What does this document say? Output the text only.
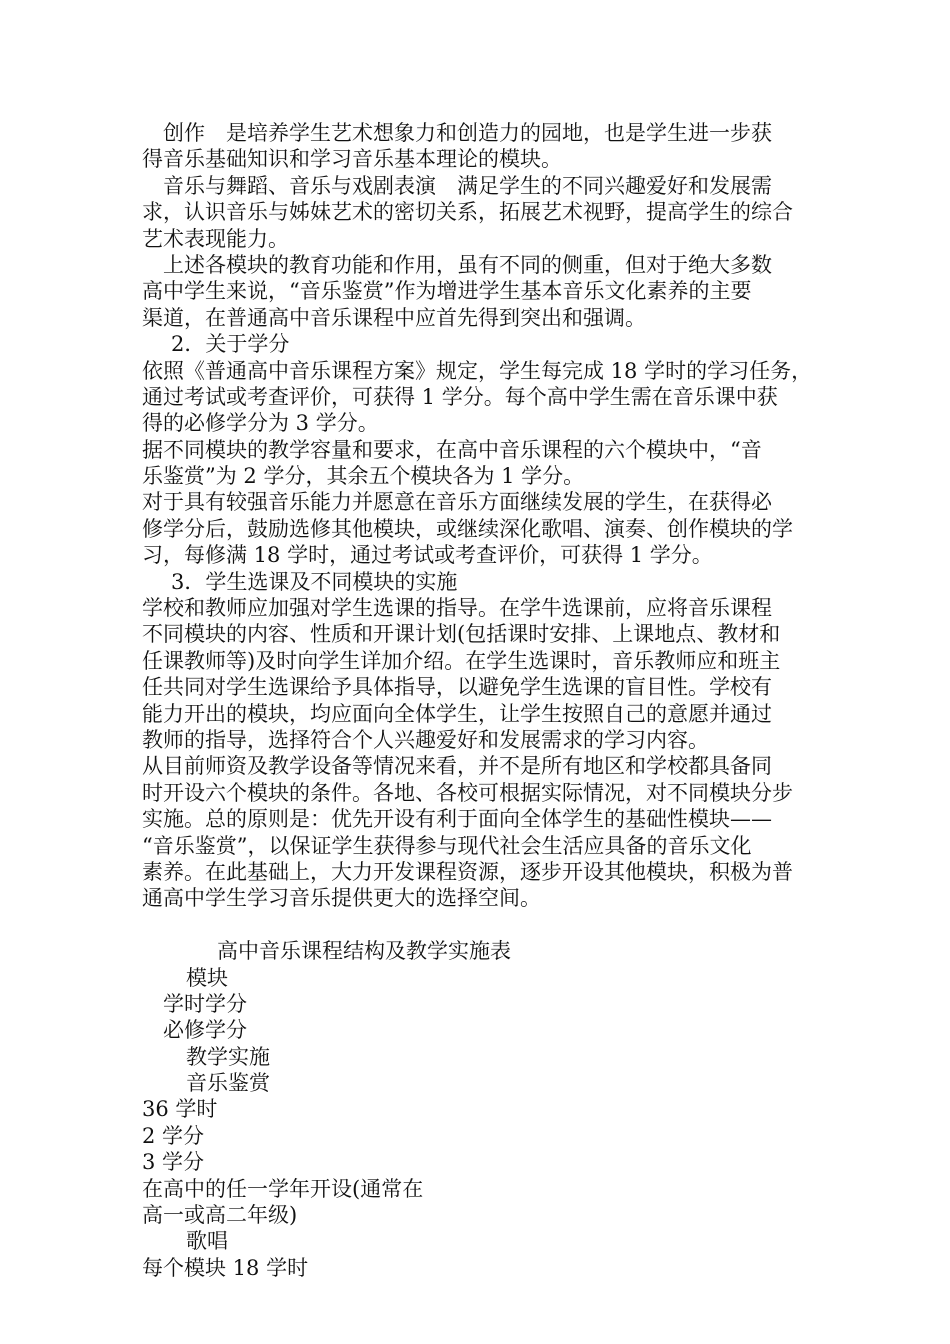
创作　是培养学生艺术想象力和创造力的园地，也是学生进一步获
得音乐基础知识和学习音乐基本理论的模块。
音乐与舞蹈、音乐与戏剧表演　满足学生的不同兴趣爱好和发展需
求，认识音乐与姊妹艺术的密切关系，拓展艺术视野，提高学生的综合
艺术表现能力。
上述各模块的教育功能和作用，虽有不同的侧重，但对于绝大多数
高中学生来说，“音乐鉴赏”作为增进学生基本音乐文化素养的主要
渠道，在普通高中音乐课程中应首先得到突出和强调。
2．关于学分
依照《普通高中音乐课程方案》规定，学生每完成 18 学时的学习任务，
通过考试或考查评价，可获得 1 学分。每个高中学生需在音乐课中获
得的必修学分为 3 学分。
据不同模块的教学容量和要求，在高中音乐课程的六个模块中，“音
乐鉴赏”为 2 学分，其余五个模块各为 1 学分。
对于具有较强音乐能力并愿意在音乐方面继续发展的学生，在获得必
修学分后，鼓励选修其他模块，或继续深化歌唱、演奏、创作模块的学
习，每修满 18 学时，通过考试或考查评价，可获得 1 学分。
3．学生选课及不同模块的实施
学校和教师应加强对学生选课的指导。在学牛选课前，应将音乐课程
不同模块的内容、性质和开课计划(包括课时安排、上课地点、教材和
任课教师等)及时向学生详加介绍。在学生选课时，音乐教师应和班主
任共同对学生选课给予具体指导，以避免学生选课的盲目性。学校有
能力开出的模块，均应面向全体学生，让学生按照自己的意愿并通过
教师的指导，选择符合个人兴趣爱好和发展需求的学习内容。
从目前师资及教学设备等情况来看，并不是所有地区和学校都具备同
时开设六个模块的条件。各地、各校可根据实际情况，对不同模块分步
实施。总的原则是：优先开设有利于面向全体学生的基础性模块——
“音乐鉴赏”，以保证学生获得参与现代社会生活应具备的音乐文化
素养。在此基础上，大力开发课程资源，逐步开设其他模块，积极为普
通高中学生学习音乐提供更大的选择空间。
高中音乐课程结构及教学实施表
模块
学时学分
必修学分
教学实施
音乐鉴赏
36 学时
2 学分
3 学分
在高中的任一学年开设(通常在
高一或高二年级)
歌唱
每个模块 18 学时
